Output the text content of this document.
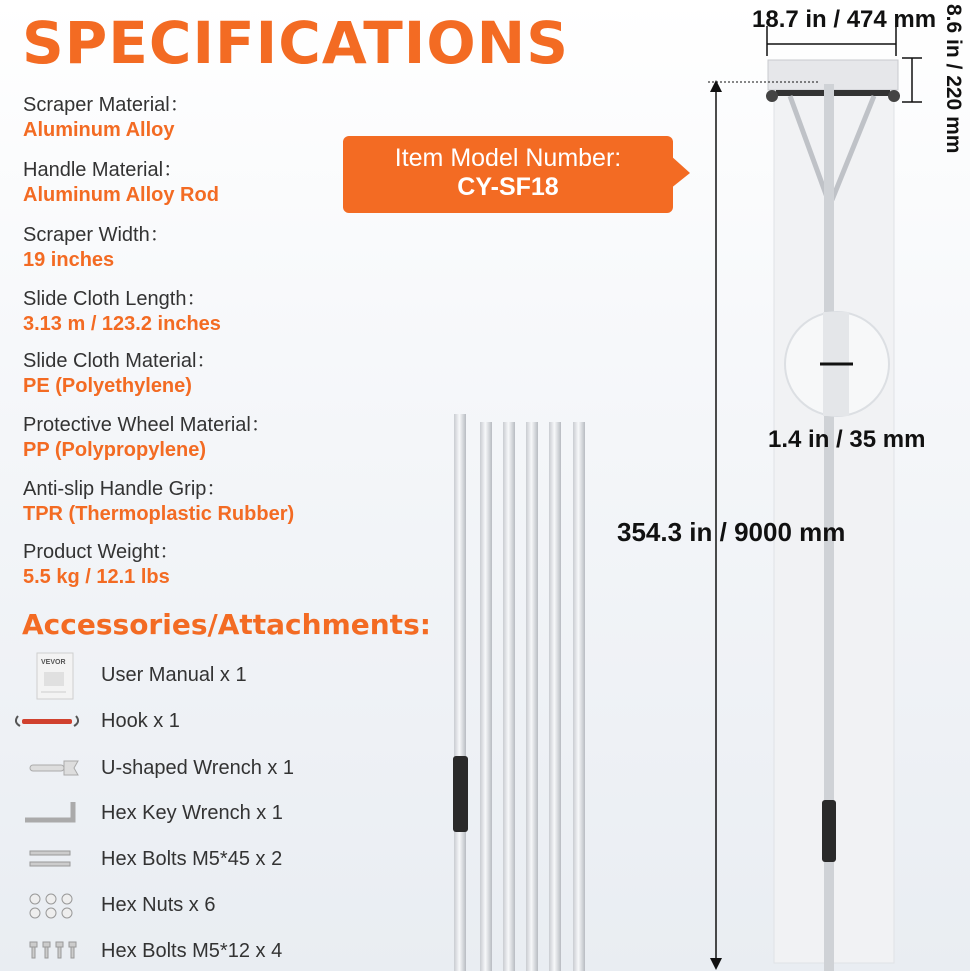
SPECIFICATIONS
Scraper Material：
Aluminum Alloy
Handle Material：
Aluminum Alloy Rod
Scraper Width：
19 inches
Slide Cloth Length：
3.13 m / 123.2 inches
Slide Cloth Material：
PE (Polyethylene)
Protective Wheel Material：
PP (Polypropylene)
Anti-slip Handle Grip：
TPR (Thermoplastic Rubber)
Product Weight：
5.5 kg / 12.1 lbs
Accessories/Attachments:
VEVOR
User Manual x 1
Hook x 1
U-shaped Wrench x 1
Hex Key Wrench x 1
Hex Bolts M5*45 x 2
Hex Nuts x 6
Hex Bolts M5*12 x 4
Item Model Number:
CY-SF18
18.7 in / 474 mm 8.6 in / 220 mm
1.4 in / 35 mm
354.3 in / 9000 mm
